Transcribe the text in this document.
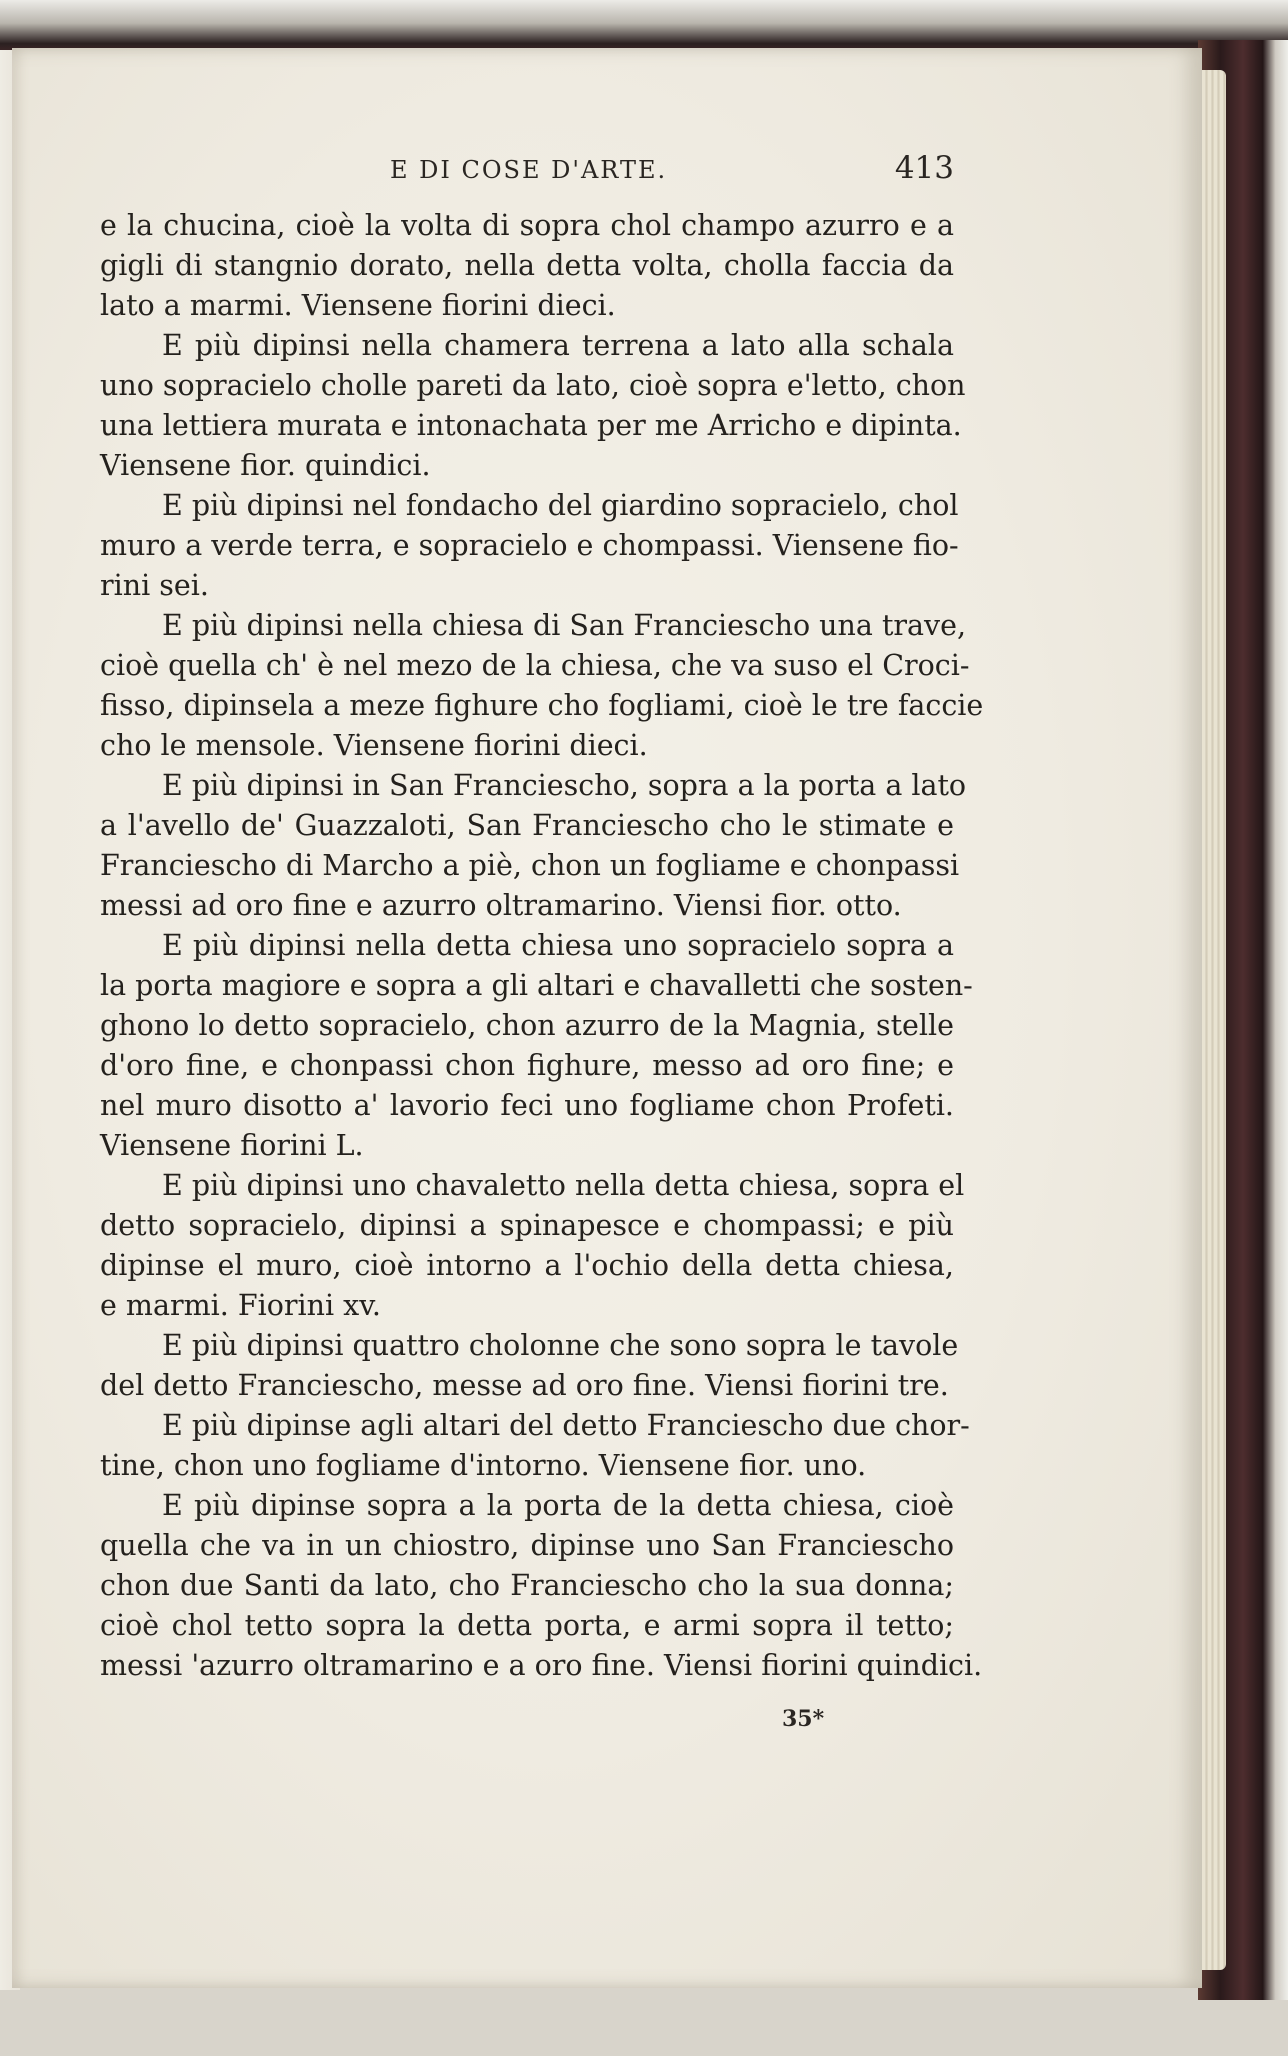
E DI COSE D'ARTE.	413
e la chucina, cioè la volta di sopra chol champo azurro e a
gigli di stangnio dorato, nella detta volta, cholla faccia da
lato a marmi. Viensene fiorini dieci.
E più dipinsi nella chamera terrena a lato alla schala
uno sopracielo cholle pareti da lato, cioè sopra e'letto, chon
una lettiera murata e intonachata per me Arricho e dipinta.
Viensene fior. quindici.
E più dipinsi nel fondacho del giardino sopracielo, chol
muro a verde terra, e sopracielo e chompassi. Viensene fio-
rini sei.
E più dipinsi nella chiesa di San Franciescho una trave,
cioè quella ch' è nel mezo de la chiesa, che va suso el Croci-
fisso, dipinsela a meze fighure cho fogliami, cioè le tre faccie
cho le mensole. Viensene fiorini dieci.
E più dipinsi in San Franciescho, sopra a la porta a lato
a l'avello de' Guazzaloti, San Franciescho cho le stimate e
Franciescho di Marcho a piè, chon un fogliame e chonpassi
messi ad oro fine e azurro oltramarino. Viensi fior. otto.
E più dipinsi nella detta chiesa uno sopracielo sopra a
la porta magiore e sopra a gli altari e chavalletti che sosten-
ghono lo detto sopracielo, chon azurro de la Magnia, stelle
d'oro fine, e chonpassi chon fighure, messo ad oro fine; e
nel muro disotto a' lavorio feci uno fogliame chon Profeti.
Viensene fiorini L.
E più dipinsi uno chavaletto nella detta chiesa, sopra el
detto sopracielo, dipinsi a spinapesce e chompassi; e più
dipinse el muro, cioè intorno a l'ochio della detta chiesa,
e marmi. Fiorini xv.
E più dipinsi quattro cholonne che sono sopra le tavole
del detto Franciescho, messe ad oro fine. Viensi fiorini tre.
E più dipinse agli altari del detto Franciescho due chor-
tine, chon uno fogliame d'intorno. Viensene fior. uno.
E più dipinse sopra a la porta de la detta chiesa, cioè
quella che va in un chiostro, dipinse uno San Franciescho
chon due Santi da lato, cho Franciescho cho la sua donna;
cioè chol tetto sopra la detta porta, e armi sopra il tetto;
messi 'azurro oltramarino e a oro fine. Viensi fiorini quindici.
35*
